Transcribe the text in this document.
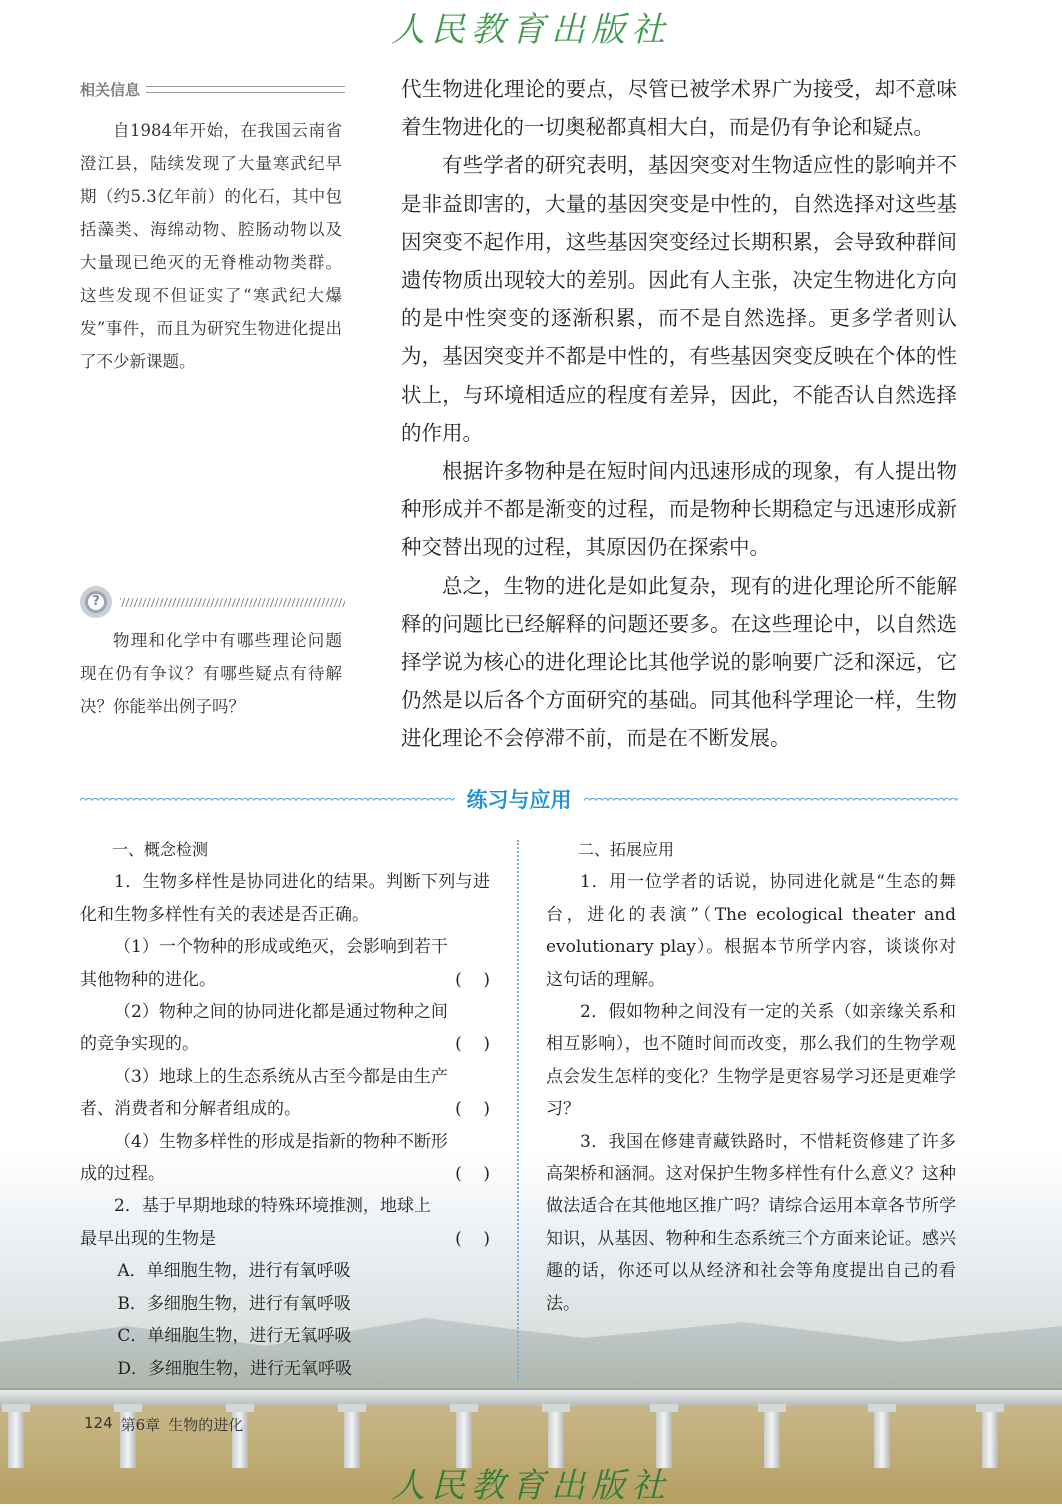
人民教育出版社
相关信息

自1984年开始，在我国云南省澄江县，陆续发现了大量寒武纪早期（约5.3亿年前）的化石，其中包括藻类、海绵动物、腔肠动物以及大量现已绝灭的无脊椎动物类群。这些发现不但证实了“寒武纪大爆发”事件，而且为研究生物进化提出了不少新课题。

?

物理和化学中有哪些理论问题现在仍有争议？有哪些疑点有待解决？你能举出例子吗？

代生物进化理论的要点，尽管已被学术界广为接受，却不意味着生物进化的一切奥秘都真相大白，而是仍有争论和疑点。

有些学者的研究表明，基因突变对生物适应性的影响并不是非益即害的，大量的基因突变是中性的，自然选择对这些基因突变不起作用，这些基因突变经过长期积累，会导致种群间遗传物质出现较大的差别。因此有人主张，决定生物进化方向的是中性突变的逐渐积累，而不是自然选择。更多学者则认为，基因突变并不都是中性的，有些基因突变反映在个体的性状上，与环境相适应的程度有差异，因此，不能否认自然选择的作用。

根据许多物种是在短时间内迅速形成的现象，有人提出物种形成并不都是渐变的过程，而是物种长期稳定与迅速形成新种交替出现的过程，其原因仍在探索中。

总之，生物的进化是如此复杂，现有的进化理论所不能解释的问题比已经解释的问题还要多。在这些理论中，以自然选择学说为核心的进化理论比其他学说的影响要广泛和深远，它仍然是以后各个方面研究的基础。同其他科学理论一样，生物进化理论不会停滞不前，而是在不断发展。

练习与应用

一、概念检测

1．生物多样性是协同进化的结果。判断下列与进化和生物多样性有关的表述是否正确。

（1）一个物种的形成或绝灭，会影响到若干

其他物种的进化。	(    )

（2）物种之间的协同进化都是通过物种之间

的竞争实现的。	(    )

（3）地球上的生态系统从古至今都是由生产

者、消费者和分解者组成的。	(    )

（4）生物多样性的形成是指新的物种不断形

成的过程。	(    )

2．基于早期地球的特殊环境推测，地球上

最早出现的生物是	(    )

A．单细胞生物，进行有氧呼吸

B．多细胞生物，进行有氧呼吸

C．单细胞生物，进行无氧呼吸

D．多细胞生物，进行无氧呼吸

二、拓展应用

1．用一位学者的话说，协同进化就是“生态的舞台，进化的表演”（The ecological theater and evolutionary play）。根据本节所学内容，谈谈你对这句话的理解。

2．假如物种之间没有一定的关系（如亲缘关系和相互影响），也不随时间而改变，那么我们的生物学观点会发生怎样的变化？生物学是更容易学习还是更难学习？

3．我国在修建青藏铁路时，不惜耗资修建了许多高架桥和涵洞。这对保护生物多样性有什么意义？这种做法适合在其他地区推广吗？请综合运用本章各节所学知识，从基因、物种和生态系统三个方面来论证。感兴趣的话，你还可以从经济和社会等角度提出自己的看法。

124 第6章 生物的进化
人民教育出版社
